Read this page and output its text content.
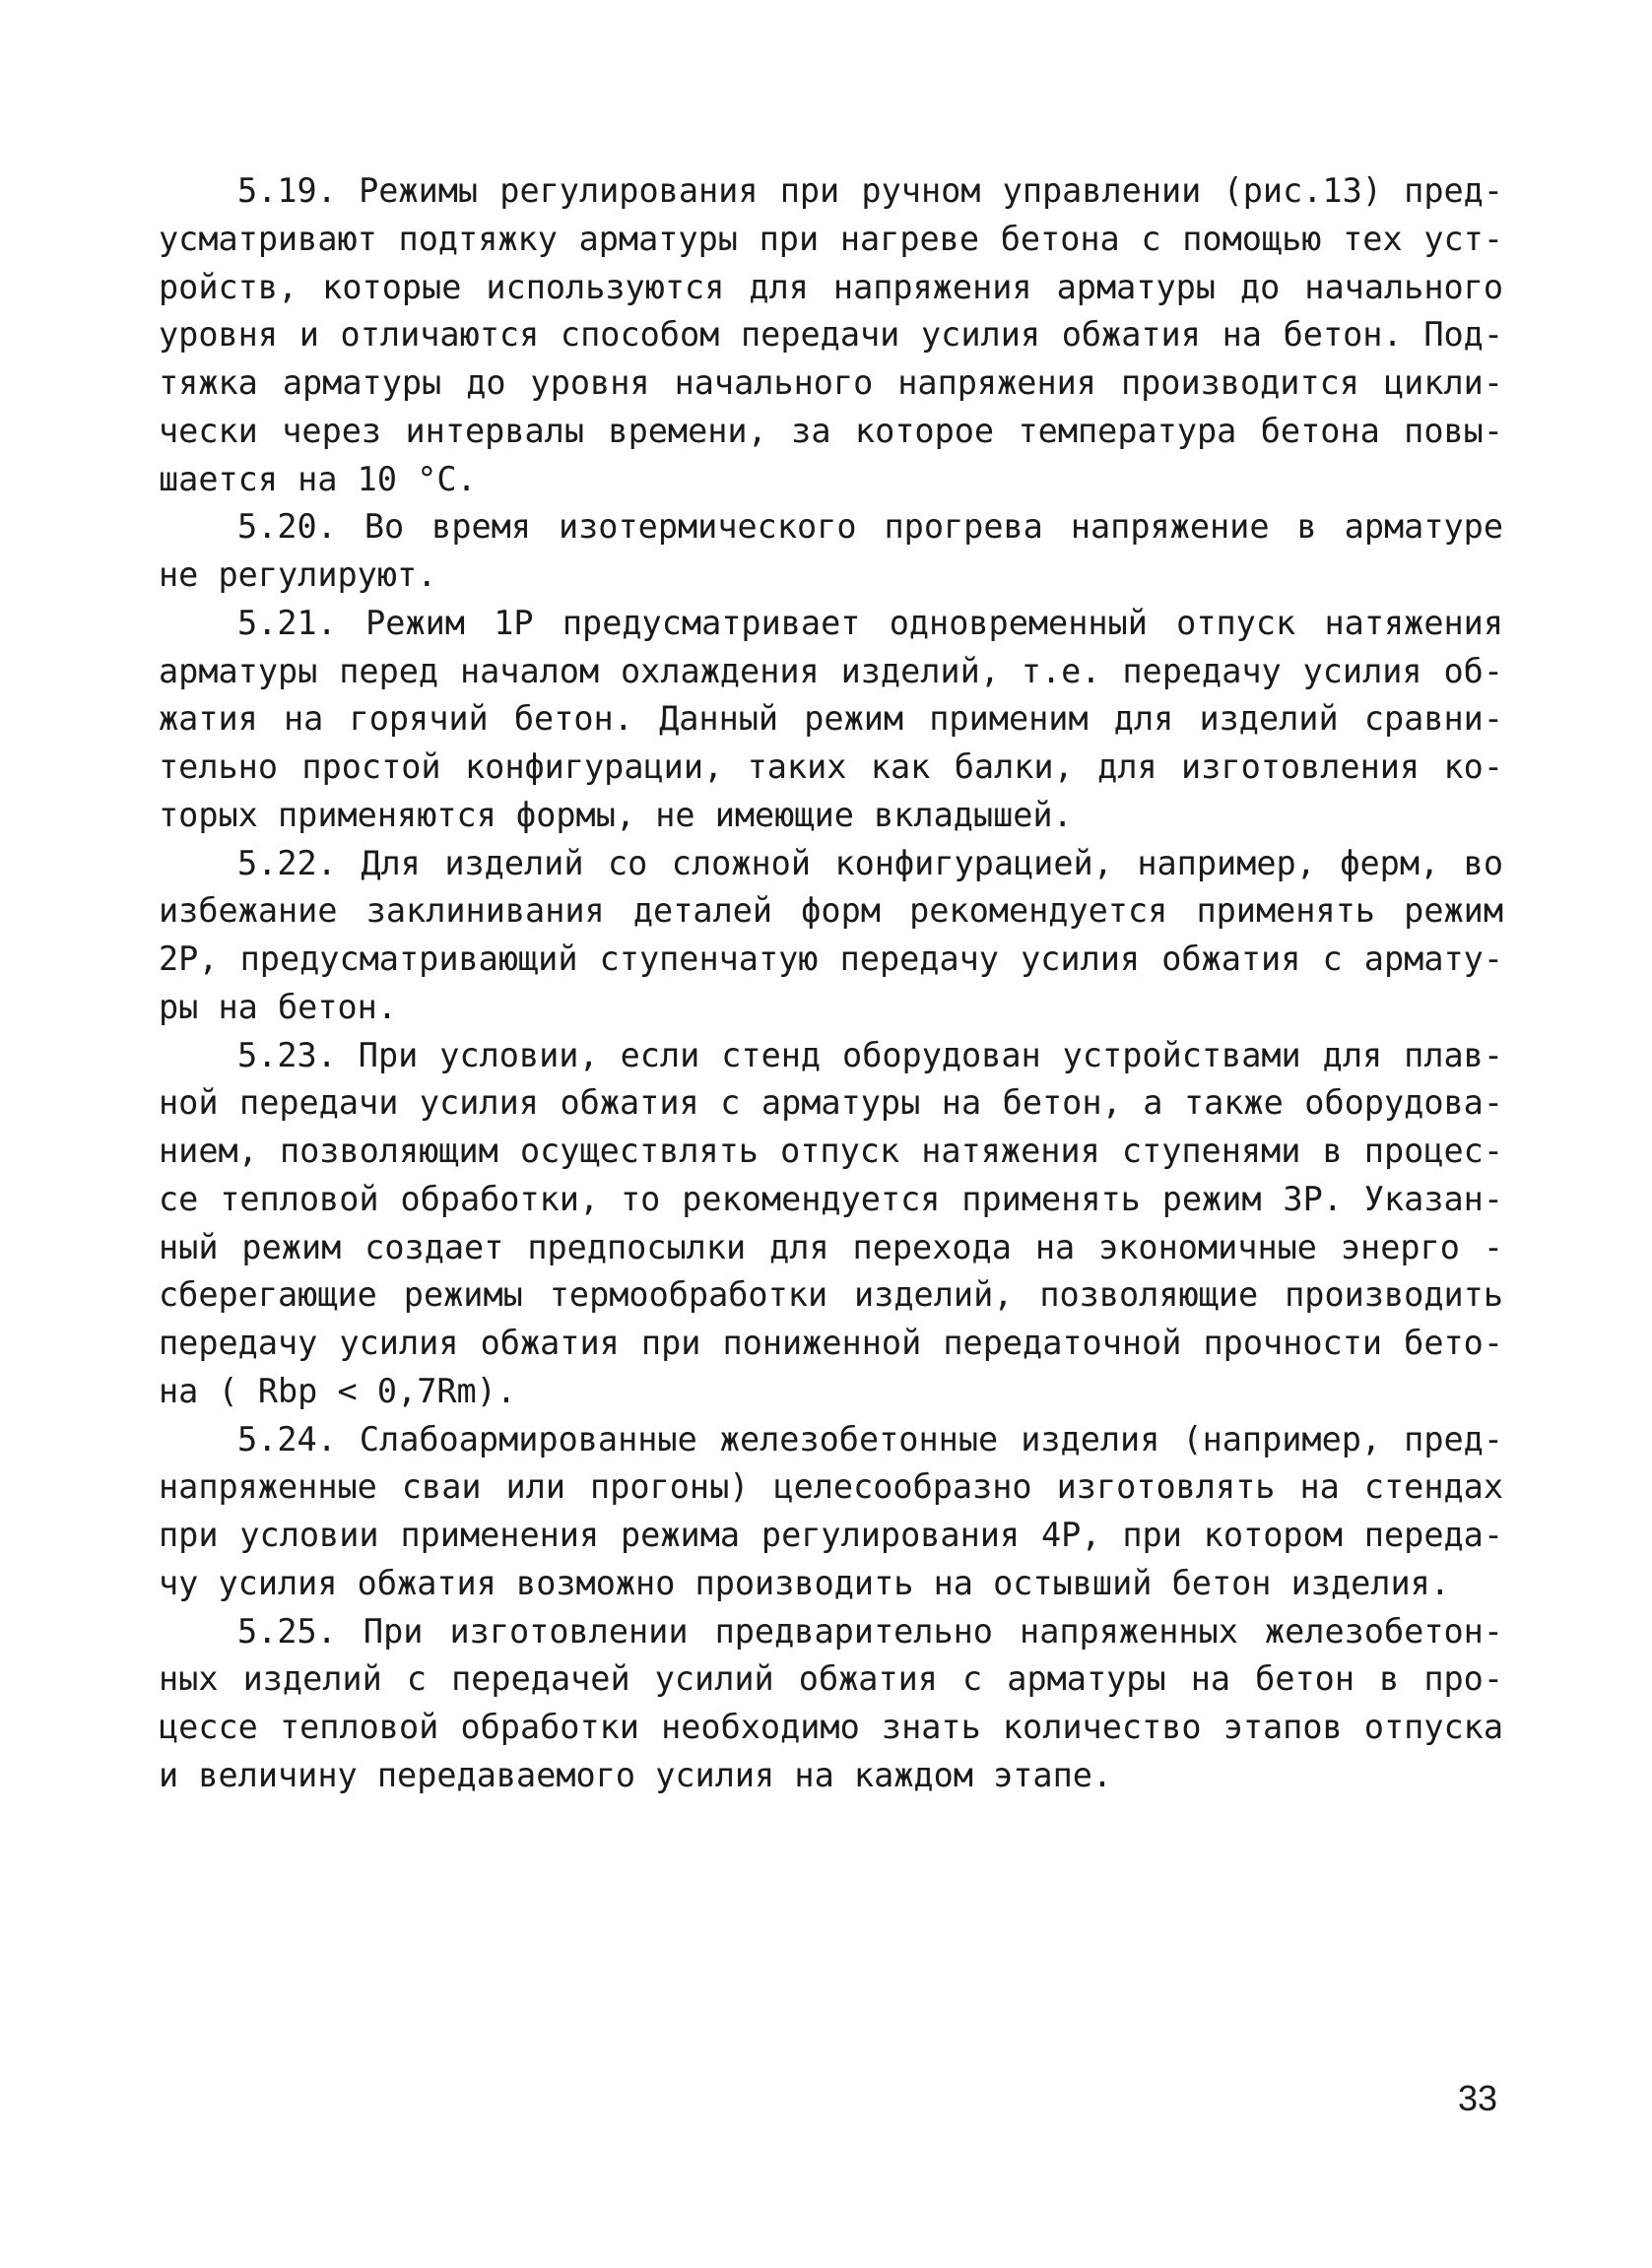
5.19. Режимы регулирования при ручном управлении (рис.13) пред-
усматривают подтяжку арматуры при нагреве бетона с помощью тех уст-
ройств, которые используются для напряжения арматуры до начального
уровня и отличаются способом передачи усилия обжатия на бетон. Под-
тяжка арматуры до уровня начального напряжения производится цикли-
чески через интервалы времени, за которое температура бетона повы-
шается на 10 °С.
5.20. Во время изотермического прогрева напряжение в арматуре
не регулируют.
5.21. Режим 1Р предусматривает одновременный отпуск натяжения
арматуры перед началом охлаждения изделий, т.е. передачу усилия об-
жатия на горячий бетон. Данный режим применим для изделий сравни-
тельно простой конфигурации, таких как балки, для изготовления ко-
торых применяются формы, не имеющие вкладышей.
5.22. Для изделий со сложной конфигурацией, например, ферм, во
избежание заклинивания деталей форм рекомендуется применять режим
2Р, предусматривающий ступенчатую передачу усилия обжатия с армату-
ры на бетон.
5.23. При условии, если стенд оборудован устройствами для плав-
ной передачи усилия обжатия с арматуры на бетон, а также оборудова-
нием, позволяющим осуществлять отпуск натяжения ступенями в процес-
се тепловой обработки, то рекомендуется применять режим 3Р. Указан-
ный режим создает предпосылки для перехода на экономичные энерго -
сберегающие режимы термообработки изделий, позволяющие производить
передачу усилия обжатия при пониженной передаточной прочности бето-
на ( Rbp < 0,7Rm).
5.24. Слабоармированные железобетонные изделия (например, пред-
напряженные сваи или прогоны) целесообразно изготовлять на стендах
при условии применения режима регулирования 4Р, при котором переда-
чу усилия обжатия возможно производить на остывший бетон изделия.
5.25. При изготовлении предварительно напряженных железобетон-
ных изделий с передачей усилий обжатия с арматуры на бетон в про-
цессе тепловой обработки необходимо знать количество этапов отпуска
и величину передаваемого усилия на каждом этапе.
33
